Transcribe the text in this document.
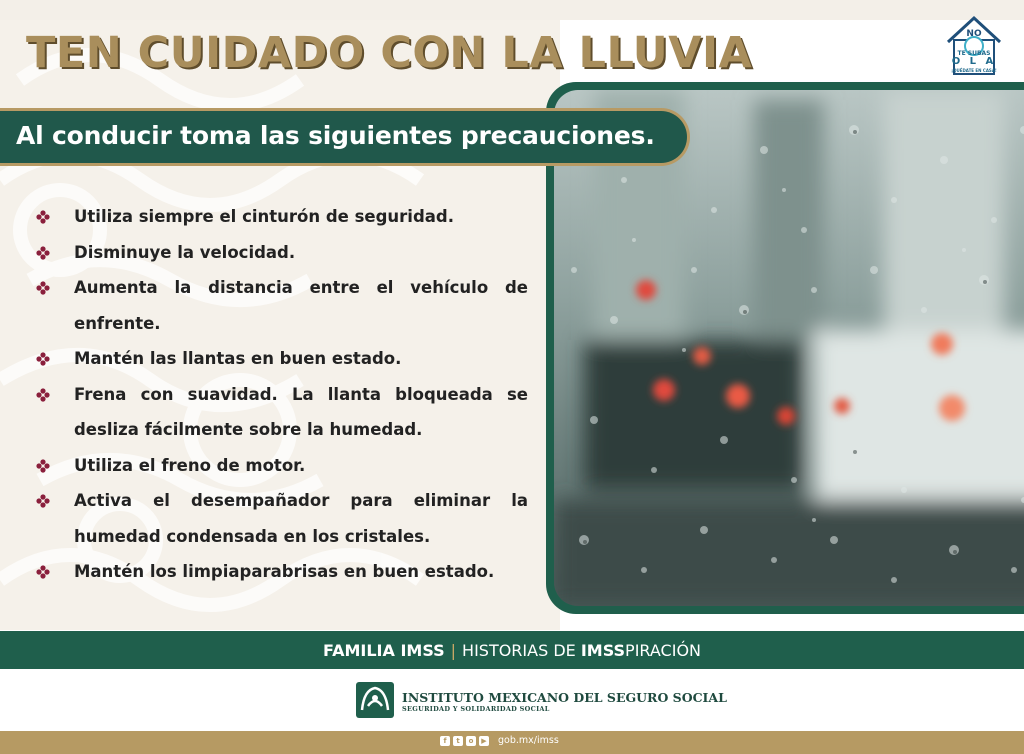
TEN CUIDADO CON LA LLUVIA	NO
TE SUBAS

O L A
¡QUÉDATE EN CASA!
Al conducir toma las siguientes precauciones.
Utiliza siempre el cinturón de seguridad.
Disminuye la velocidad.
Aumenta la distancia entre el vehículo de enfrente.
Mantén las llantas en buen estado.
Frena con suavidad. La llanta bloqueada se desliza fácilmente sobre la humedad.
Utiliza el freno de motor.
Activa el desempañador para eliminar la humedad condensada en los cristales.
Mantén los limpiaparabrisas en buen estado.
FAMILIA IMSS | HISTORIAS DE IMSSPIRACIÓN
INSTITUTO MEXICANO DEL SEGURO SOCIAL
SEGURIDAD Y SOLIDARIDAD SOCIAL
f	t	o	▶ gob.mx/imss
